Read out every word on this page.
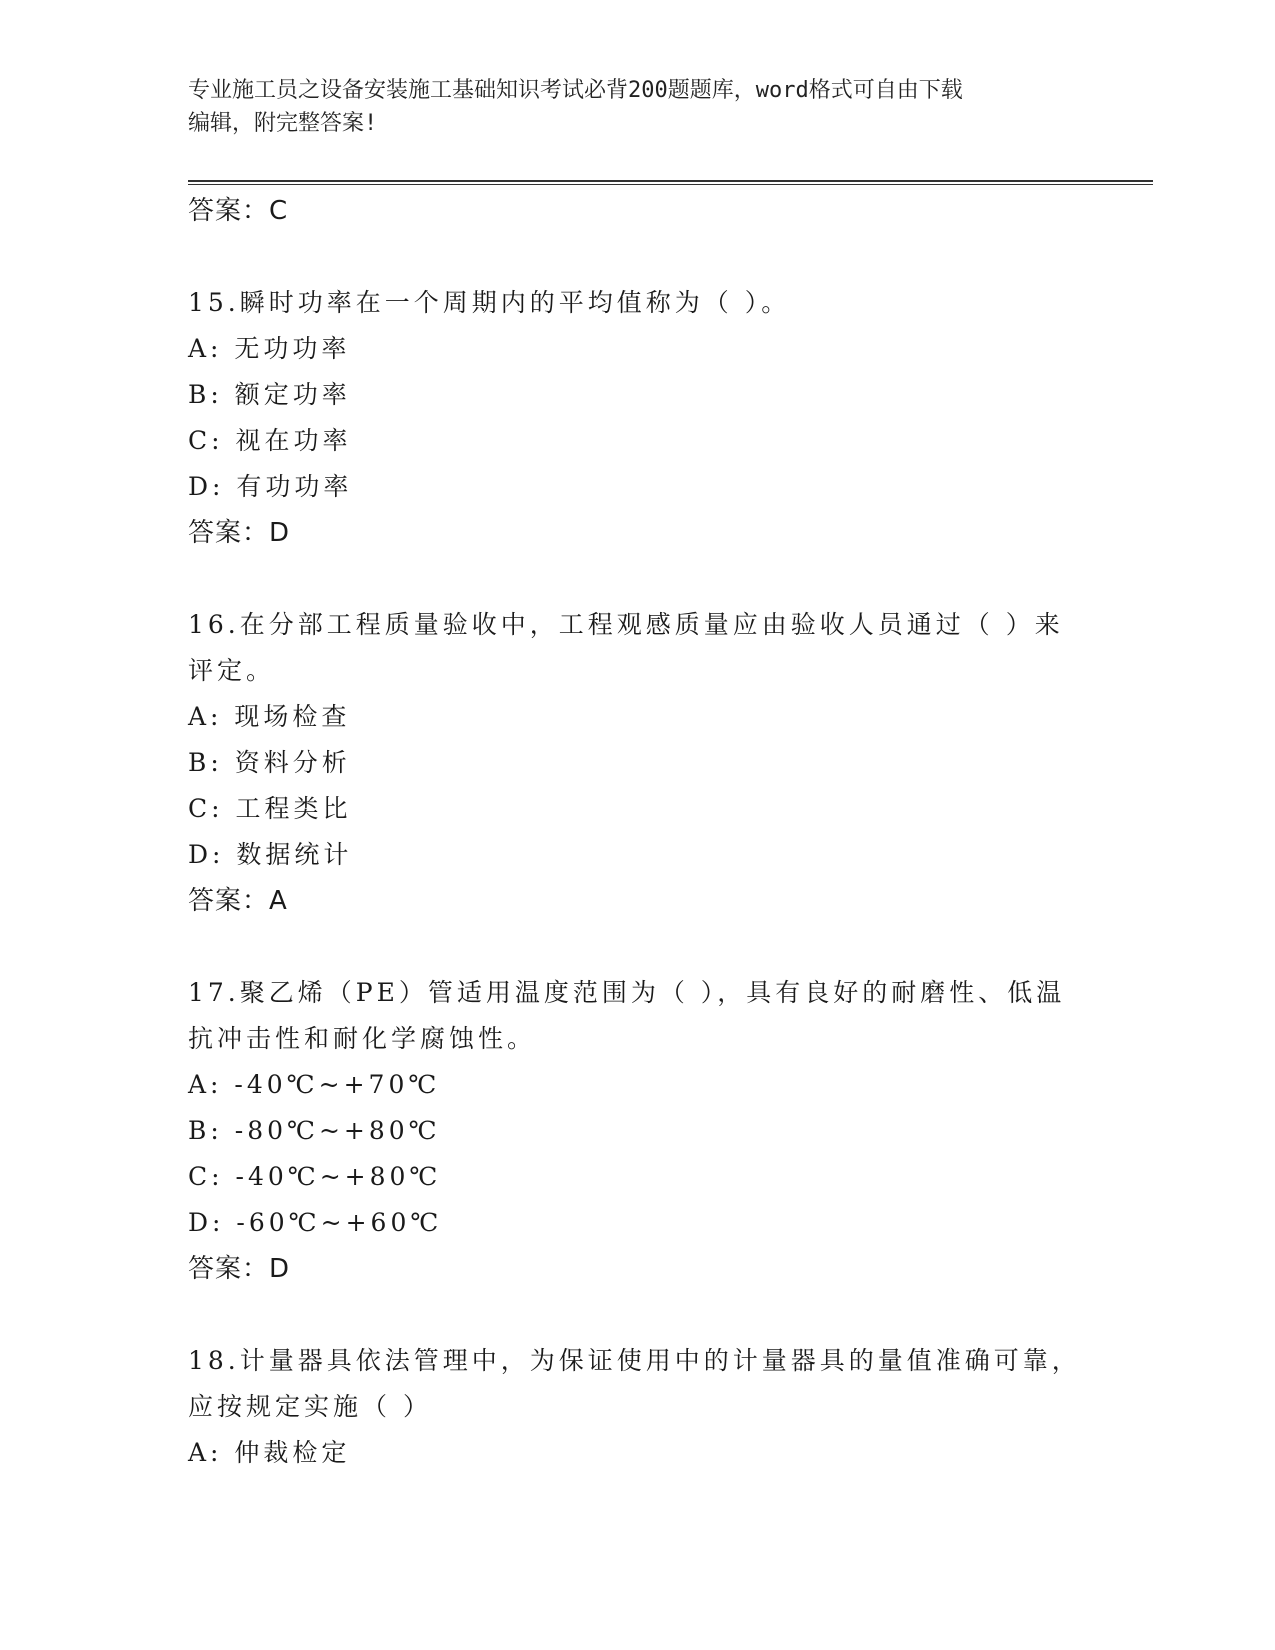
专业施工员之设备安装施工基础知识考试必背200题题库，word格式可自由下载
编辑，附完整答案!
答案：C
15.瞬时功率在一个周期内的平均值称为（ ）。
A: 无功功率
B: 额定功率
C: 视在功率
D: 有功功率
答案：D
16.在分部工程质量验收中，工程观感质量应由验收人员通过（ ）来
评定。
A: 现场检查
B: 资料分析
C: 工程类比
D: 数据统计
答案：A
17.聚乙烯（PE）管适用温度范围为（ ），具有良好的耐磨性、低温
抗冲击性和耐化学腐蚀性。
A: -40℃~+70℃
B: -80℃~+80℃
C: -40℃~+80℃
D: -60℃~+60℃
答案：D
18.计量器具依法管理中，为保证使用中的计量器具的量值准确可靠，
应按规定实施（ ）
A: 仲裁检定
